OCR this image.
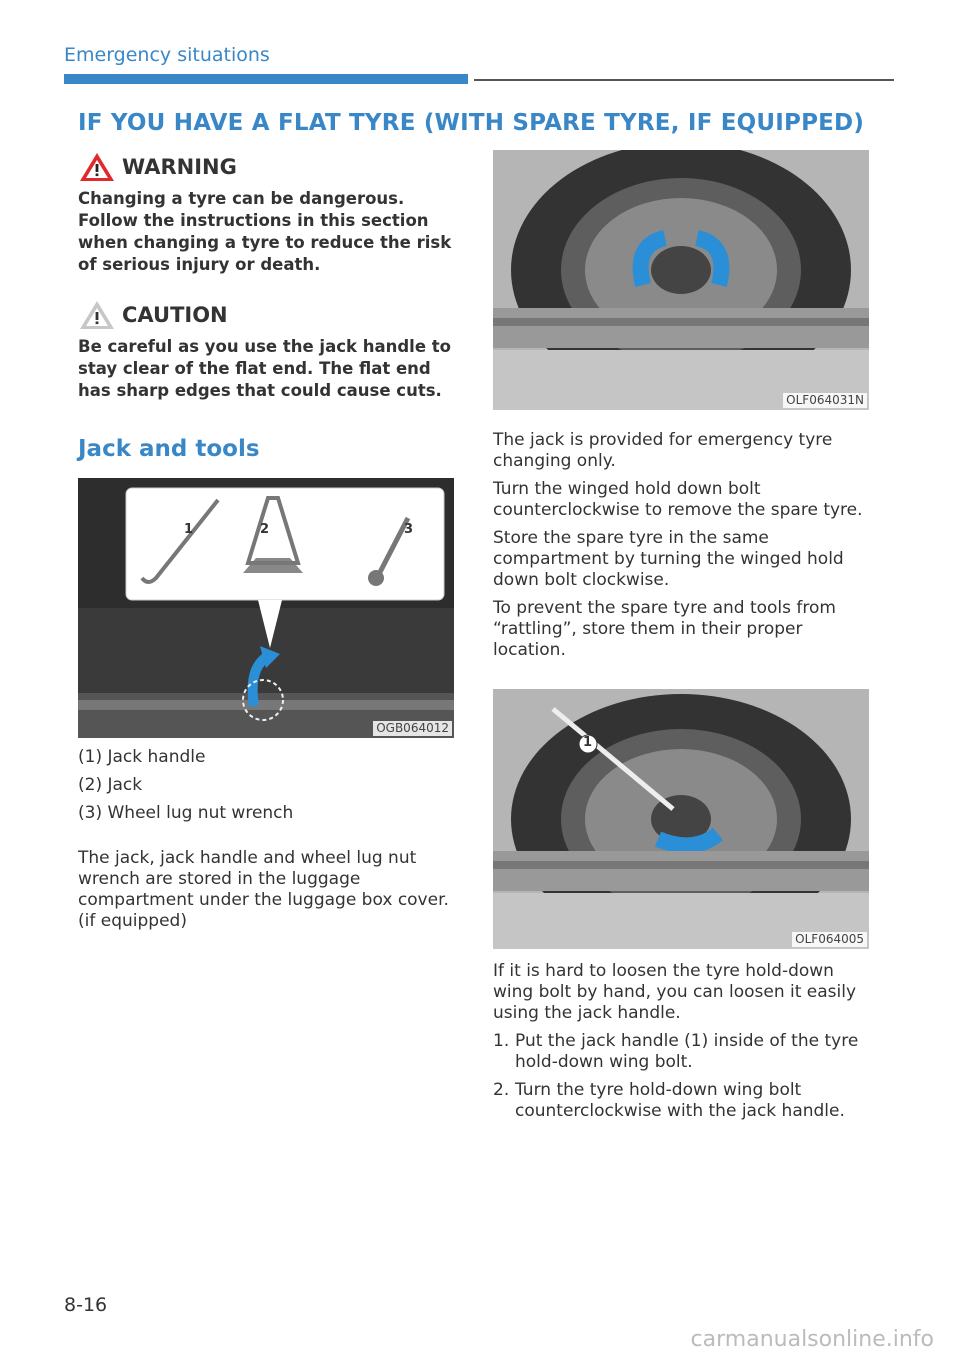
Emergency situations
IF YOU HAVE A FLAT TYRE (WITH SPARE TYRE, IF EQUIPPED)
WARNING

Changing a tyre can be dangerous. Follow the instructions in this section when changing a tyre to reduce the risk of serious injury or death.

CAUTION

Be careful as you use the jack handle to stay clear of the flat end. The flat end has sharp edges that could cause cuts.

Jack and tools
1	2	3
OGB064012

(1) Jack handle

(2) Jack

(3) Wheel lug nut wrench

The jack, jack handle and wheel lug nut wrench are stored in the luggage compartment under the luggage box cover. (if equipped)

OLF064031N

The jack is provided for emergency tyre changing only.

Turn the winged hold down bolt counterclockwise to remove the spare tyre.

Store the spare tyre in the same compartment by turning the winged hold down bolt clockwise.

To prevent the spare tyre and tools from “rattling”, store them in their proper location.

1
OLF064005

If it is hard to loosen the tyre hold-down wing bolt by hand, you can loosen it easily using the jack handle.

1. Put the jack handle (1) inside of the tyre hold-down wing bolt.
2. Turn the tyre hold-down wing bolt counterclockwise with the jack handle.
8-16
carmanualsonline.info
